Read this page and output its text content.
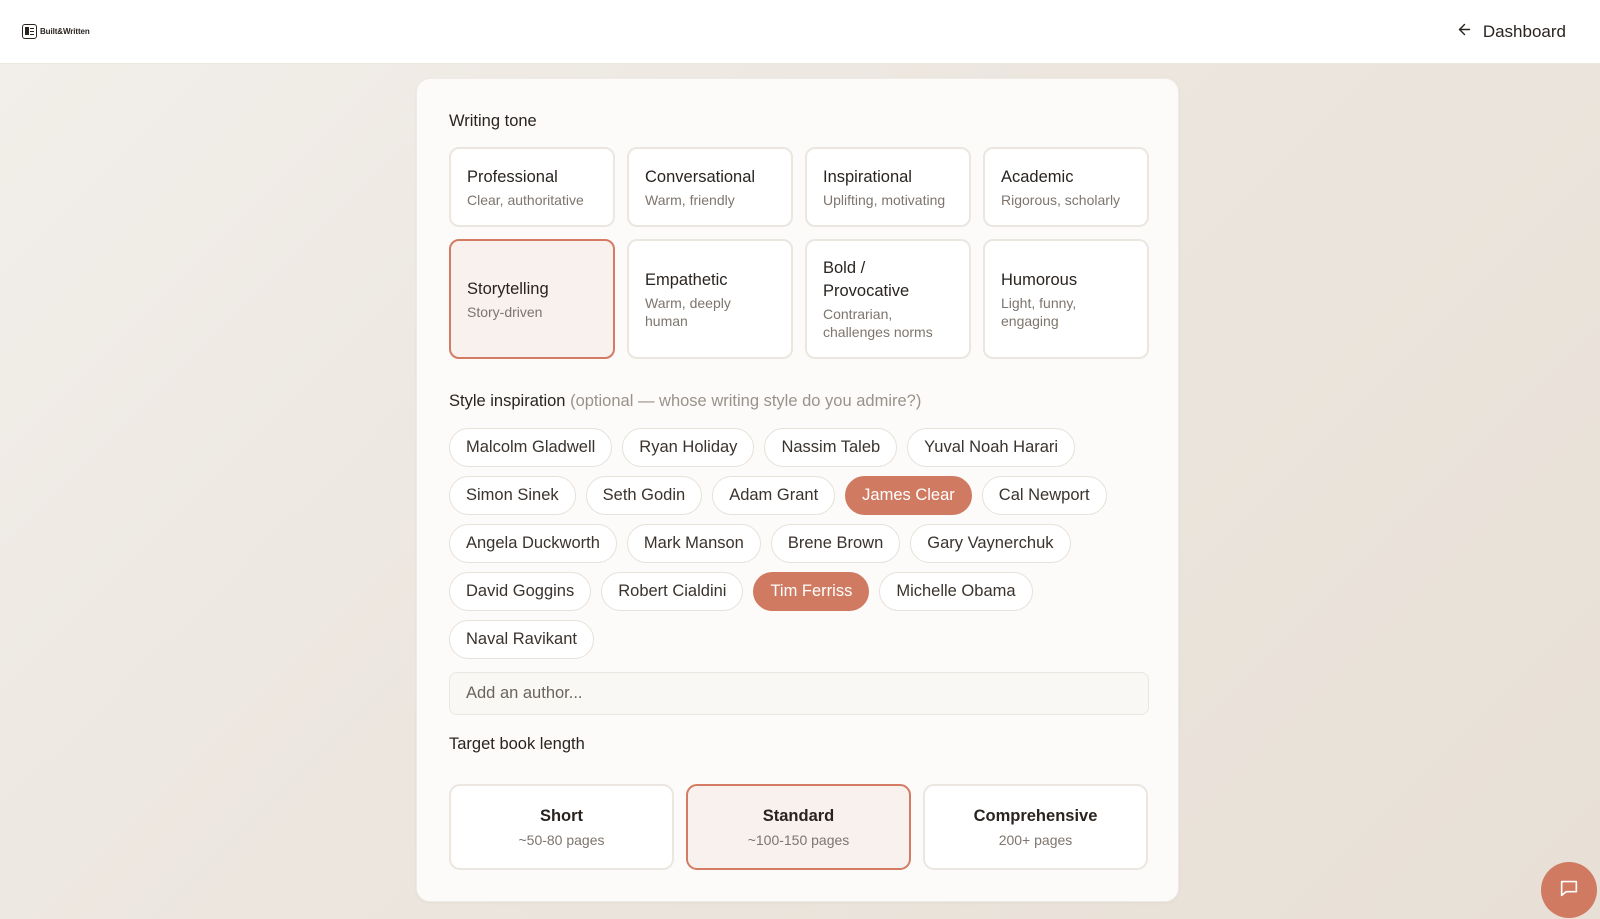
Built&Written	Dashboard
Writing tone
Professional
Clear, authoritative
Conversational
Warm, friendly
Inspirational
Uplifting, motivating
Academic
Rigorous, scholarly
Storytelling
Story-driven
Empathetic
Warm, deeply human
Bold / Provocative
Contrarian, challenges norms
Humorous
Light, funny, engaging
Style inspiration (optional — whose writing style do you admire?)
Malcolm Gladwell	Ryan Holiday	Nassim Taleb	Yuval Noah Harari
Simon Sinek	Seth Godin	Adam Grant	James Clear	Cal Newport
Angela Duckworth	Mark Manson	Brene Brown	Gary Vaynerchuk
David Goggins	Robert Cialdini	Tim Ferriss	Michelle Obama
Naval Ravikant
Add an author...
Target book length
Short
~50-80 pages
Standard
~100-150 pages
Comprehensive
200+ pages
